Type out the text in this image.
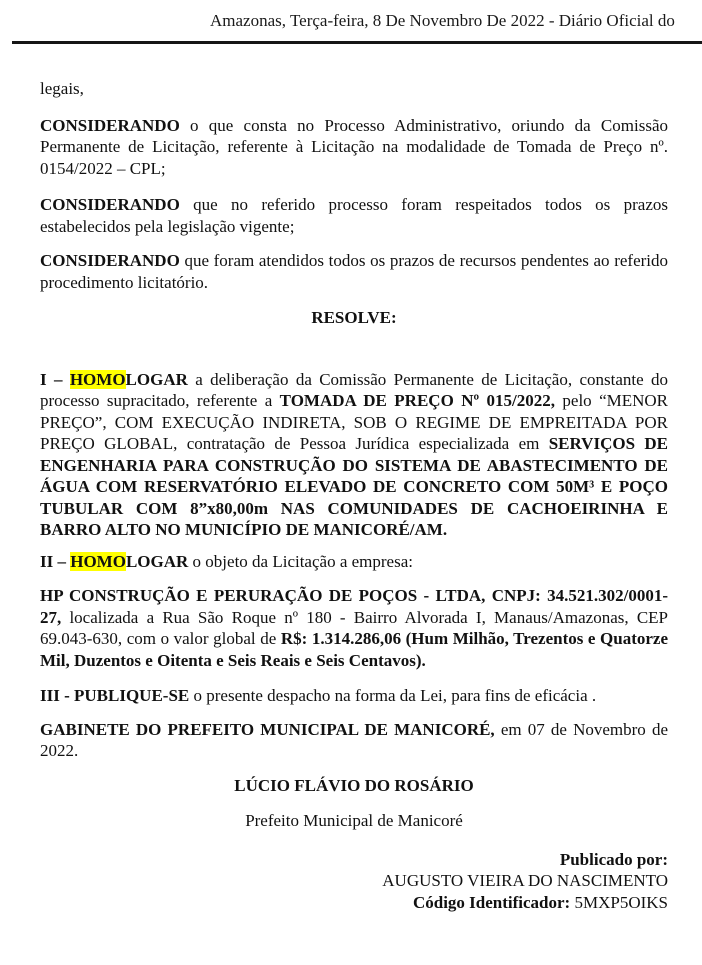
Amazonas, Terça-feira, 8 De Novembro De 2022 - Diário Oficial do

legais,

CONSIDERANDO o que consta no Processo Administrativo, oriundo da Comissão Permanente de Licitação, referente à Licitação na modalidade de Tomada de Preço nº. 0154/2022 – CPL;

CONSIDERANDO que no referido processo foram respeitados todos os prazos estabelecidos pela legislação vigente;

CONSIDERANDO que foram atendidos todos os prazos de recursos pendentes ao referido procedimento licitatório.

RESOLVE:

I – HOMOLOGAR a deliberação da Comissão Permanente de Licitação, constante do processo supracitado, referente a TOMADA DE PREÇO Nº 015/2022, pelo “MENOR PREÇO”, COM EXECUÇÃO INDIRETA, SOB O REGIME DE EMPREITADA POR PREÇO GLOBAL, contratação de Pessoa Jurídica especializada em SERVIÇOS DE ENGENHARIA PARA CONSTRUÇÃO DO SISTEMA DE ABASTECIMENTO DE ÁGUA COM RESERVATÓRIO ELEVADO DE CONCRETO COM 50M³ E POÇO TUBULAR COM 8”x80,00m NAS COMUNIDADES DE CACHOEIRINHA E BARRO ALTO NO MUNICÍPIO DE MANICORÉ/AM.

II – HOMOLOGAR o objeto da Licitação a empresa:

HP CONSTRUÇÃO E PERURAÇÃO DE POÇOS - LTDA, CNPJ: 34.521.302/0001-27, localizada a Rua São Roque nº 180 - Bairro Alvorada I, Manaus/Amazonas, CEP 69.043-630, com o valor global de R$: 1.314.286,06 (Hum Milhão, Trezentos e Quatorze Mil, Duzentos e Oitenta e Seis Reais e Seis Centavos).

III - PUBLIQUE-SE o presente despacho na forma da Lei, para fins de eficácia .

GABINETE DO PREFEITO MUNICIPAL DE MANICORÉ, em 07 de Novembro de 2022.

LÚCIO FLÁVIO DO ROSÁRIO

Prefeito Municipal de Manicoré

Publicado por:

AUGUSTO VIEIRA DO NASCIMENTO

Código Identificador: 5MXP5OIKS
